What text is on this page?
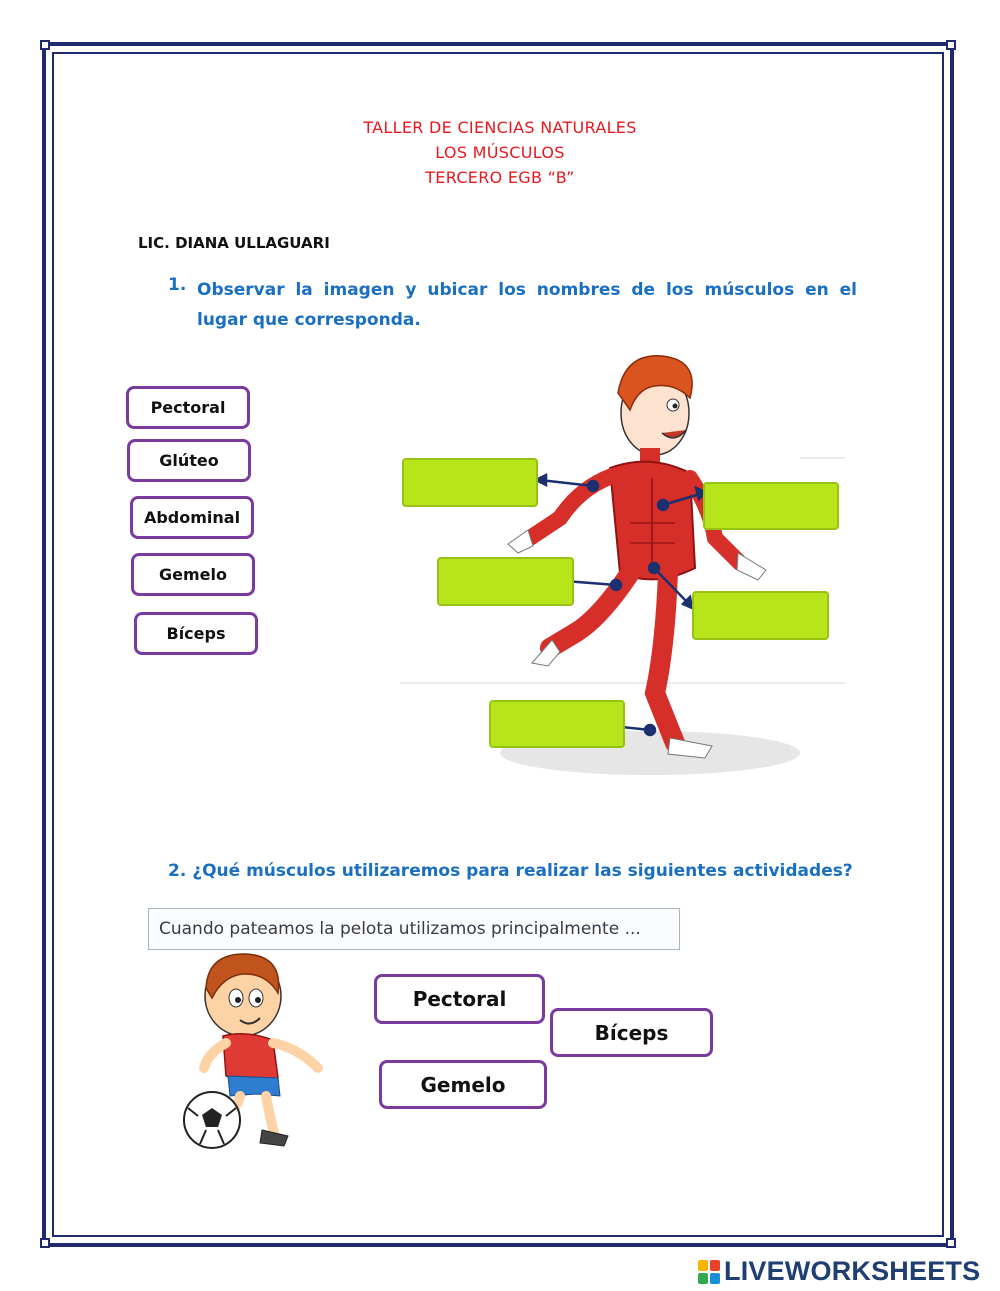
TALLER DE CIENCIAS NATURALES
LOS MÚSCULOS
TERCERO EGB “B”
LIC. DIANA ULLAGUARI
1. Observar la imagen y ubicar los nombres de los músculos en el lugar que corresponda.
Pectoral
Glúteo
Abdominal
Gemelo
Bíceps
2. ¿Qué músculos utilizaremos para realizar las siguientes actividades?
Cuando pateamos la pelota utilizamos principalmente ...
Pectoral
Bíceps
Gemelo
LIVEWORKSHEETS
